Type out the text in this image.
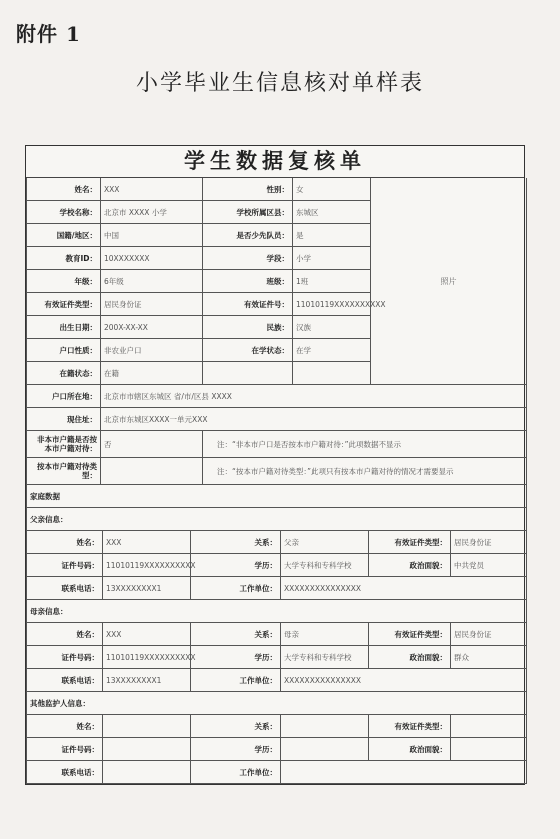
附件 1
小学毕业生信息核对单样表
学生数据复核单
姓名：	XXX	性别：	女	照片
学校名称：	北京市 XXXX 小学	学校所属区县：	东城区	
国籍/地区：	中国	是否少先队员：	是	
教育ID：	10XXXXXXX	学段：	小学	
年级：	6年级	班级：	1班	
有效证件类型：	居民身份证	有效证件号：	11010119XXXXXXXXXX	
出生日期：	200X-XX-XX	民族：	汉族	
户口性质：	非农业户口	在学状态：	在学	
在籍状态：	在籍			
户口所在地：	北京市市辖区东城区 省/市/区县 XXXX			
现住址：	北京市东城区XXXX一单元XXX			
非本市户籍是否按本市户籍对待：	否	注：“非本市户口是否按本市户籍对待：”此项数据不显示		
按本市户籍对待类型：		注：“按本市户籍对待类型：”此项只有按本市户籍对待的情况才需要显示		
家庭数据					
父亲信息：					
姓名：	XXX	关系：	父亲	有效证件类型：	居民身份证
证件号码：	11010119XXXXXXXXXX	学历：	大学专科和专科学校	政治面貌：	中共党员
联系电话：	13XXXXXXXX1	工作单位：	XXXXXXXXXXXXXXX		
母亲信息：					
姓名：	XXX	关系：	母亲	有效证件类型：	居民身份证
证件号码：	11010119XXXXXXXXXX	学历：	大学专科和专科学校	政治面貌：	群众
联系电话：	13XXXXXXXX1	工作单位：	XXXXXXXXXXXXXXX		
其他监护人信息：					
姓名：		关系：		有效证件类型：	
证件号码：		学历：		政治面貌：	
联系电话：		工作单位：			
